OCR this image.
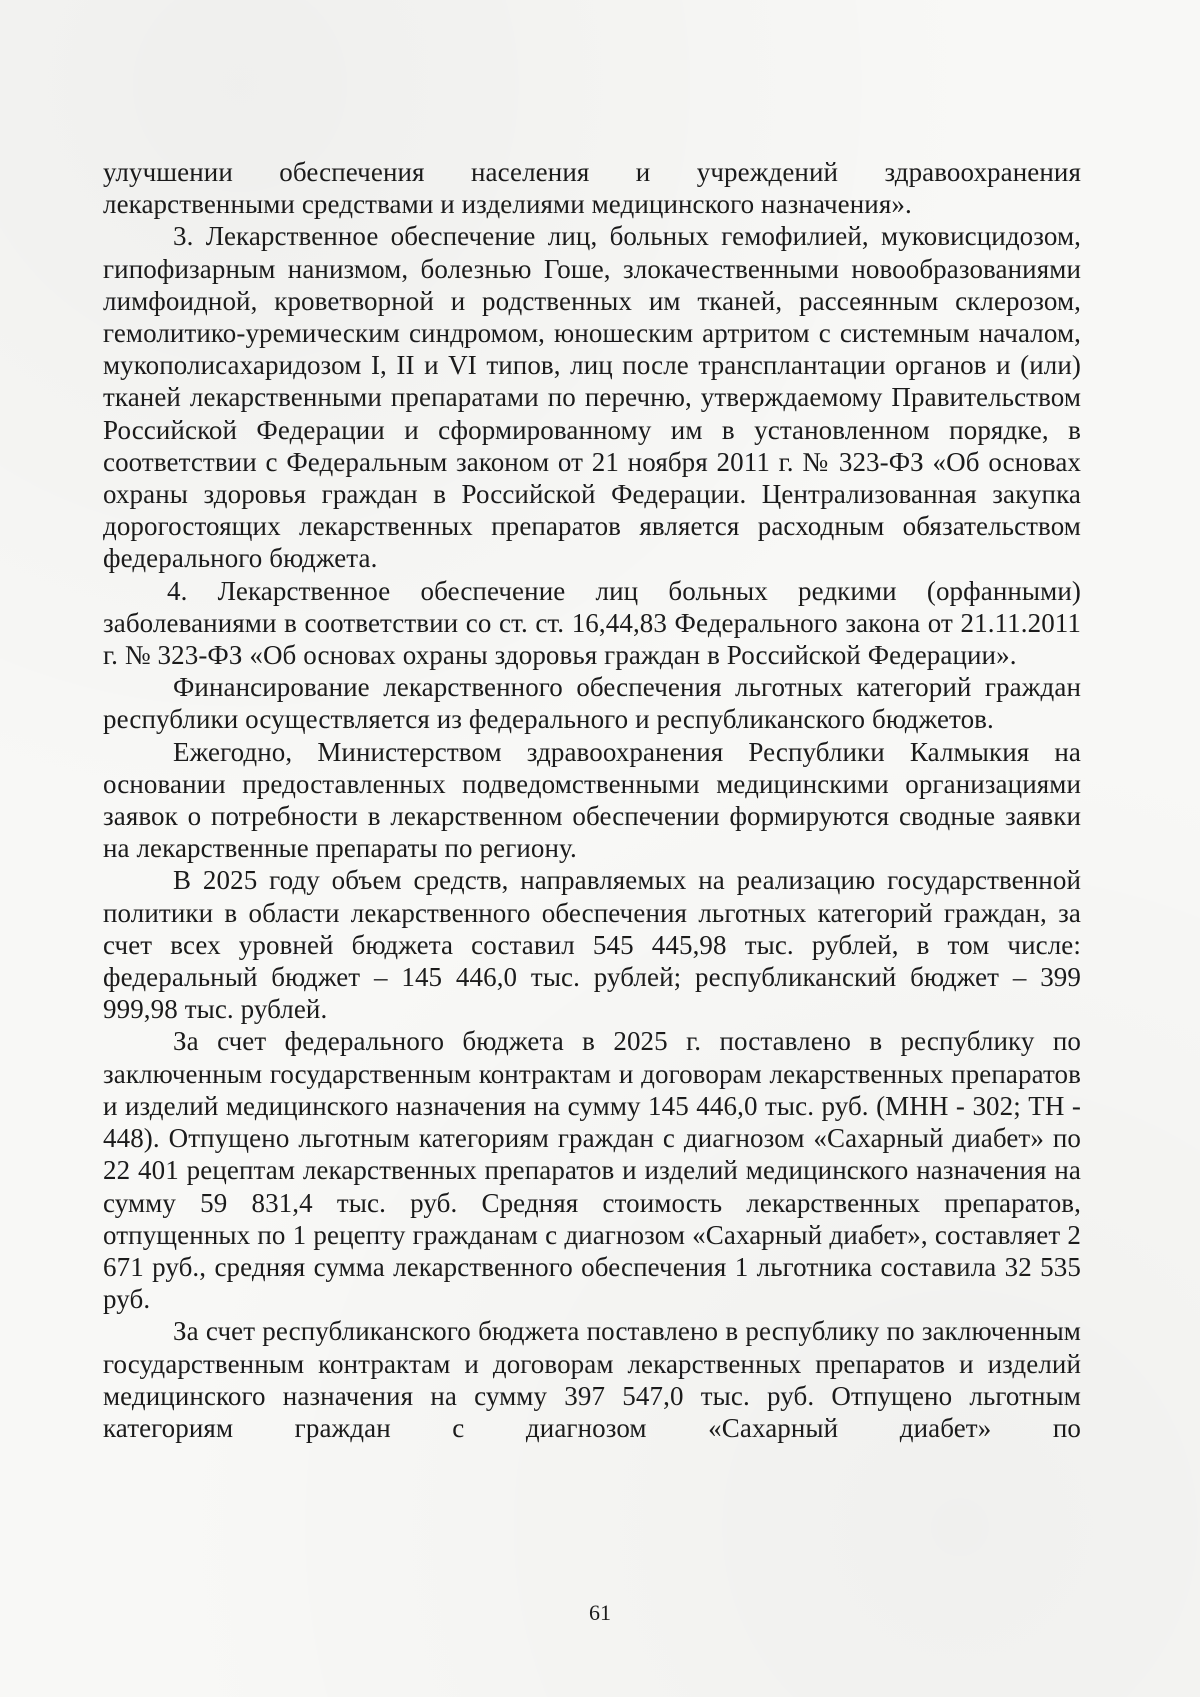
улучшении обеспечения населения и учреждений здравоохранения лекарственными средствами и изделиями медицинского назначения».

3. Лекарственное обеспечение лиц, больных гемофилией, муковисцидозом, гипофизарным нанизмом, болезнью Гоше, злокачественными новообразованиями лимфоидной, кроветворной и родственных им тканей, рассеянным склерозом, гемолитико-уремическим синдромом, юношеским артритом с системным началом, мукополисахаридозом I, II и VI типов, лиц после трансплантации органов и (или) тканей лекарственными препаратами по перечню, утверждаемому Правительством Российской Федерации и сформированному им в установленном порядке, в соответствии с Федеральным законом от 21 ноября 2011 г. № 323-ФЗ «Об основах охраны здоровья граждан в Российской Федерации. Централизованная закупка дорогостоящих лекарственных препаратов является расходным обязательством федерального бюджета.

4. Лекарственное обеспечение лиц больных редкими (орфанными) заболеваниями в соответствии со ст. ст. 16,44,83 Федерального закона от 21.11.2011 г. № 323-ФЗ «Об основах охраны здоровья граждан в Российской Федерации».

Финансирование лекарственного обеспечения льготных категорий граждан республики осуществляется из федерального и республиканского бюджетов.

Ежегодно, Министерством здравоохранения Республики Калмыкия на основании предоставленных подведомственными медицинскими организациями заявок о потребности в лекарственном обеспечении формируются сводные заявки на лекарственные препараты по региону.

В 2025 году объем средств, направляемых на реализацию государственной политики в области лекарственного обеспечения льготных категорий граждан, за счет всех уровней бюджета составил 545 445,98 тыс. рублей, в том числе: федеральный бюджет – 145 446,0 тыс. рублей; республиканский бюджет – 399 999,98 тыс. рублей.

За счет федерального бюджета в 2025 г. поставлено в республику по заключенным государственным контрактам и договорам лекарственных препаратов и изделий медицинского назначения на сумму 145 446,0 тыс. руб. (МНН - 302; ТН - 448). Отпущено льготным категориям граждан с диагнозом «Сахарный диабет» по 22 401 рецептам лекарственных препаратов и изделий медицинского назначения на сумму 59 831,4 тыс. руб. Средняя стоимость лекарственных препаратов, отпущенных по 1 рецепту гражданам с диагнозом «Сахарный диабет», составляет 2 671 руб., средняя сумма лекарственного обеспечения 1 льготника составила 32 535 руб.

За счет республиканского бюджета поставлено в республику по заключенным государственным контрактам и договорам лекарственных препаратов и изделий медицинского назначения на сумму 397 547,0 тыс. руб. Отпущено льготным категориям граждан с диагнозом «Сахарный диабет» по

61
